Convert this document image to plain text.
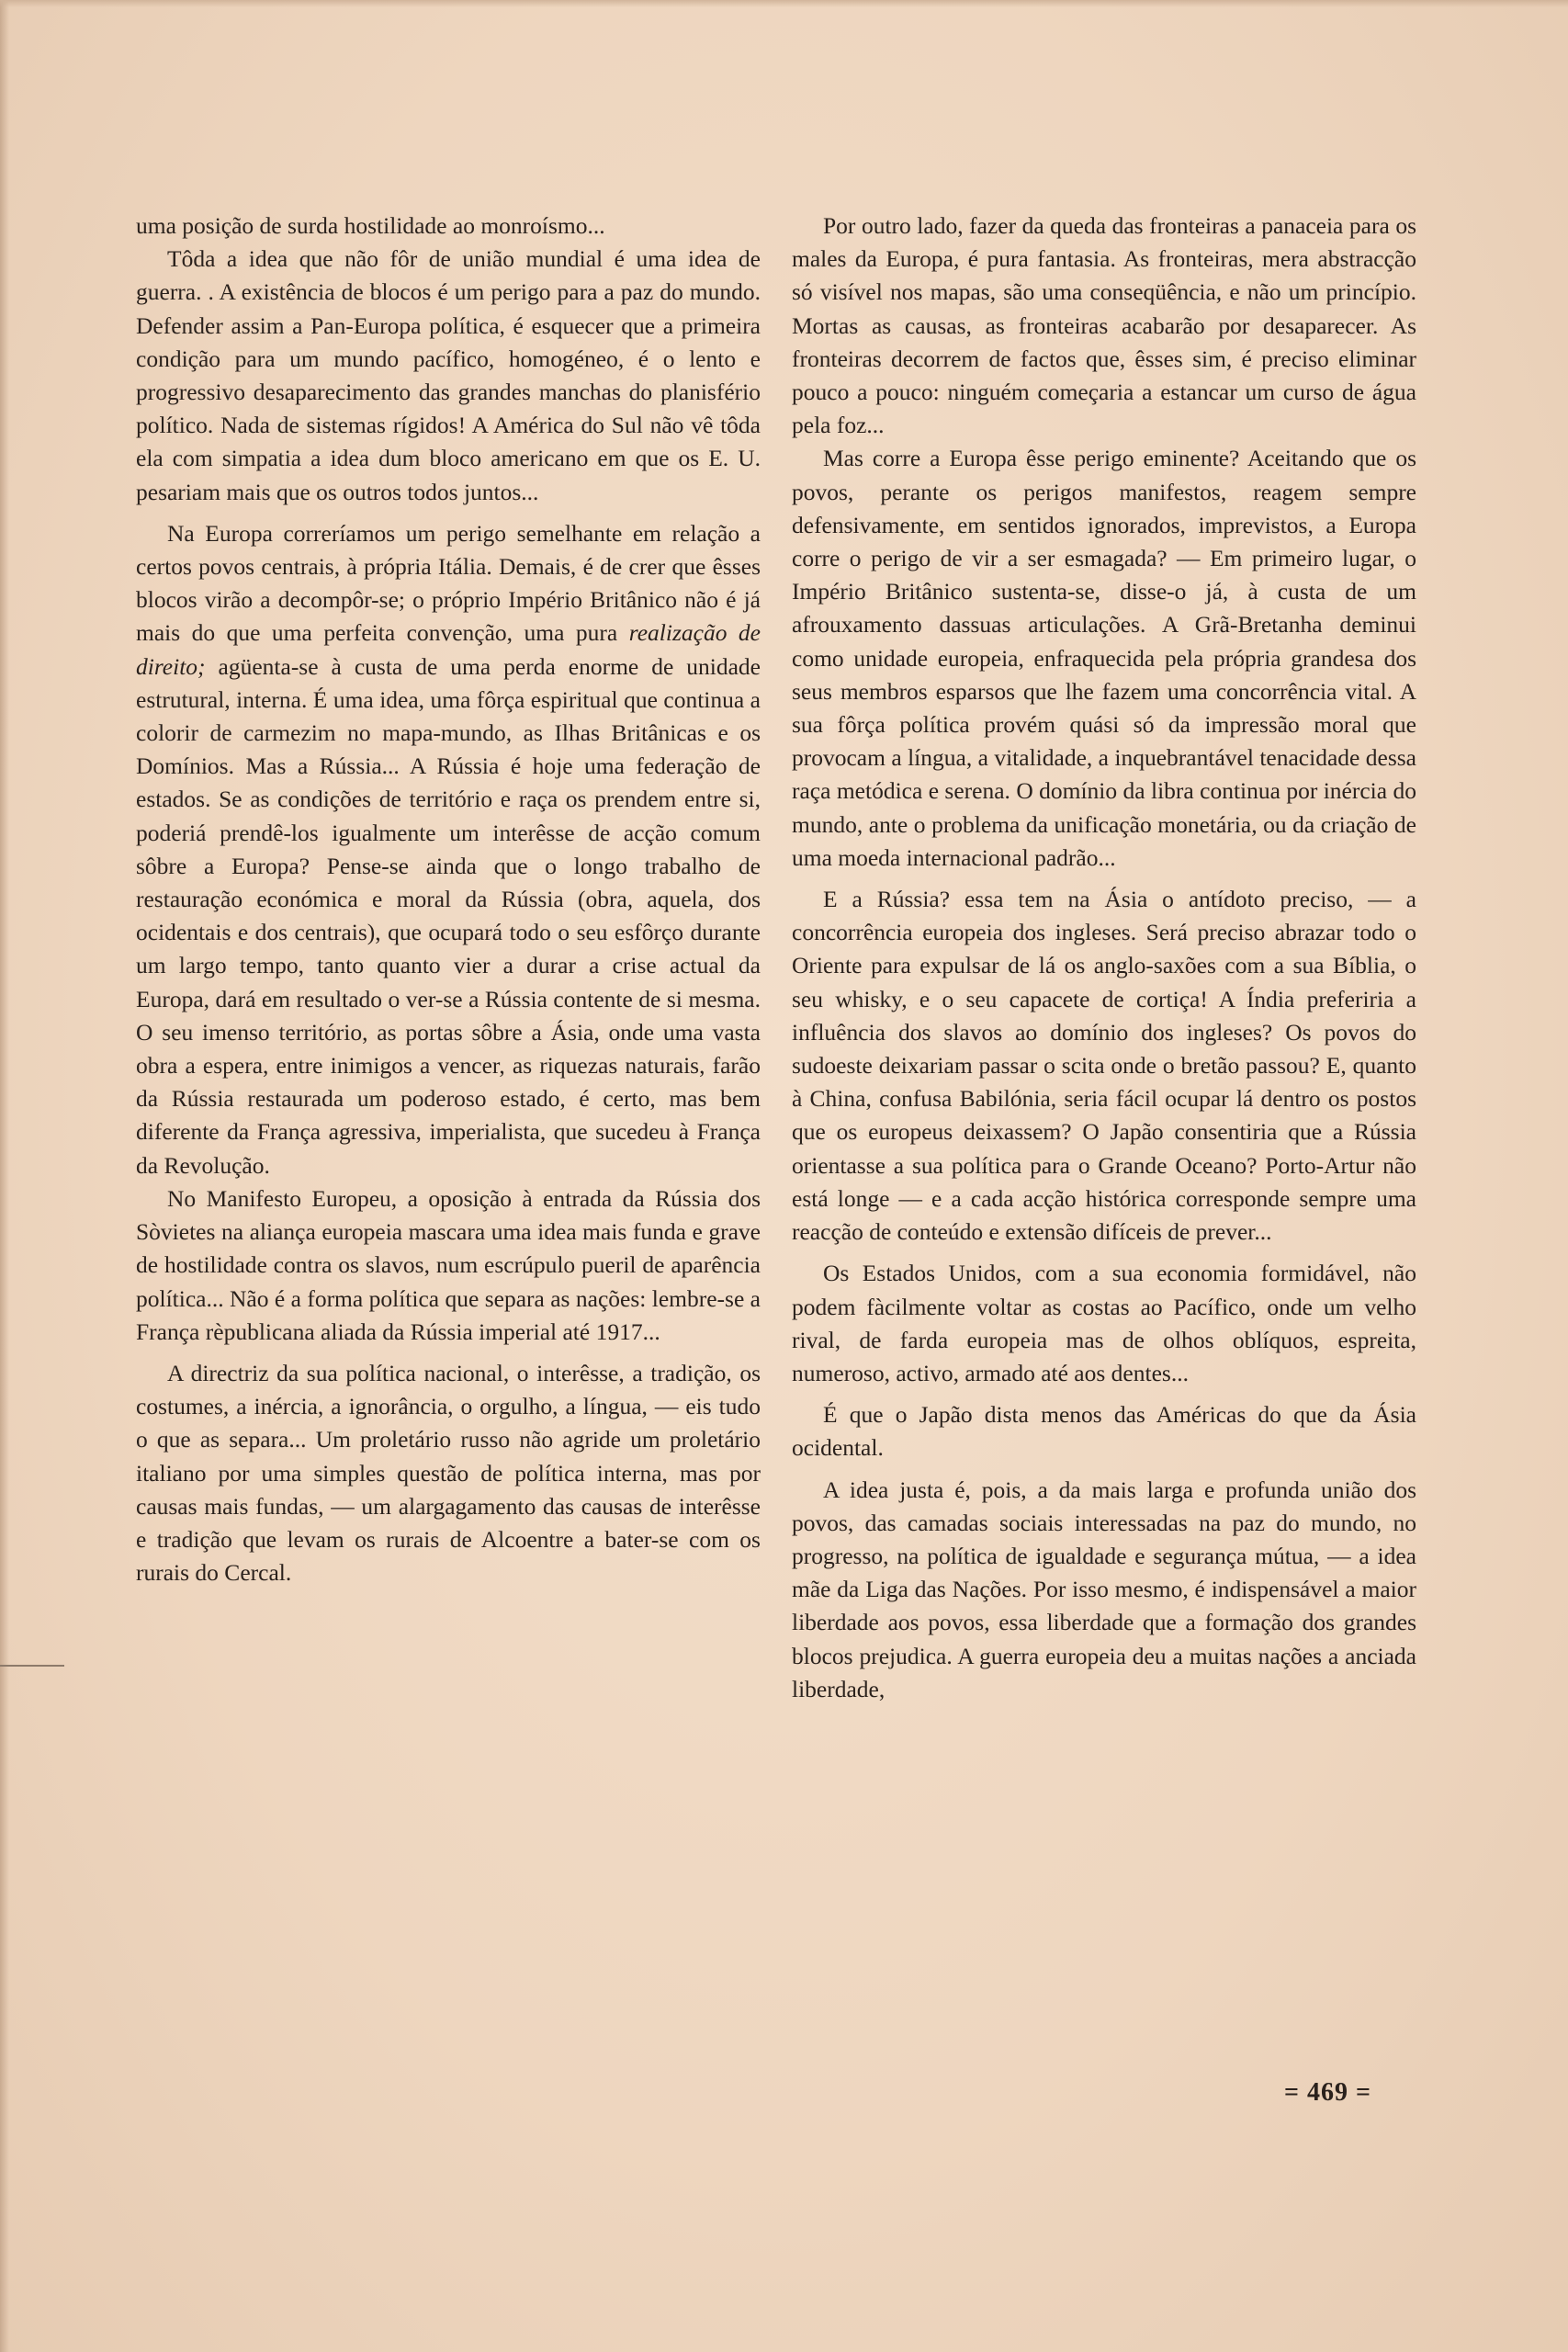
uma posição de surda hostilidade ao monroísmo...

Tôda a idea que não fôr de união mundial é uma idea de guerra. . A existência de blocos é um perigo para a paz do mundo. Defender assim a Pan-Europa política, é esquecer que a primeira condição para um mundo pacífico, homogéneo, é o lento e progressivo desaparecimento das grandes manchas do planisfério político. Nada de sistemas rígidos! A América do Sul não vê tôda ela com simpatia a idea dum bloco americano em que os E. U. pesariam mais que os outros todos juntos...

Na Europa correríamos um perigo semelhante em relação a certos povos centrais, à própria Itália. Demais, é de crer que êsses blocos virão a decompôr-se; o próprio Império Britânico não é já mais do que uma perfeita convenção, uma pura realização de direito; agüenta-se à custa de uma perda enorme de unidade estrutural, interna. É uma idea, uma fôrça espiritual que continua a colorir de carmezim no mapa-mundo, as Ilhas Britânicas e os Domínios. Mas a Rússia... A Rússia é hoje uma federação de estados. Se as condições de território e raça os prendem entre si, poderiá prendê-los igualmente um interêsse de acção comum sôbre a Europa? Pense-se ainda que o longo trabalho de restauração económica e moral da Rússia (obra, aquela, dos ocidentais e dos centrais), que ocupará todo o seu esfôrço durante um largo tempo, tanto quanto vier a durar a crise actual da Europa, dará em resultado o ver-se a Rússia contente de si mesma. O seu imenso território, as portas sôbre a Ásia, onde uma vasta obra a espera, entre inimigos a vencer, as riquezas naturais, farão da Rússia restaurada um poderoso estado, é certo, mas bem diferente da França agressiva, imperialista, que sucedeu à França da Revolução.

No Manifesto Europeu, a oposição à entrada da Rússia dos Sòvietes na aliança europeia mascara uma idea mais funda e grave de hostilidade contra os slavos, num escrúpulo pueril de aparência política... Não é a forma política que separa as nações: lembre-se a França rèpublicana aliada da Rússia imperial até 1917...

A directriz da sua política nacional, o interêsse, a tradição, os costumes, a inércia, a ignorância, o orgulho, a língua, — eis tudo o que as separa... Um proletário russo não agride um proletário italiano por uma simples questão de política interna, mas por causas mais fundas, — um alargagamento das causas de interêsse e tradição que levam os rurais de Alcoentre a bater-se com os rurais do Cercal.

Por outro lado, fazer da queda das fronteiras a panaceia para os males da Europa, é pura fantasia. As fronteiras, mera abstracção só visível nos mapas, são uma conseqüência, e não um princípio. Mortas as causas, as fronteiras acabarão por desaparecer. As fronteiras decorrem de factos que, êsses sim, é preciso eliminar pouco a pouco: ninguém começaria a estancar um curso de água pela foz...

Mas corre a Europa êsse perigo eminente? Aceitando que os povos, perante os perigos manifestos, reagem sempre defensivamente, em sentidos ignorados, imprevistos, a Europa corre o perigo de vir a ser esmagada? — Em primeiro lugar, o Império Britânico sustenta-se, disse-o já, à custa de um afrouxamento dassuas articulações. A Grã-Bretanha deminui como unidade europeia, enfraquecida pela própria grandesa dos seus membros esparsos que lhe fazem uma concorrência vital. A sua fôrça política provém quási só da impressão moral que provocam a língua, a vitalidade, a inquebrantável tenacidade dessa raça metódica e serena. O domínio da libra continua por inércia do mundo, ante o problema da unificação monetária, ou da criação de uma moeda internacional padrão...

E a Rússia? essa tem na Ásia o antídoto preciso, — a concorrência europeia dos ingleses. Será preciso abrazar todo o Oriente para expulsar de lá os anglo-saxões com a sua Bíblia, o seu whisky, e o seu capacete de cortiça! A Índia preferiria a influência dos slavos ao domínio dos ingleses? Os povos do sudoeste deixariam passar o scita onde o bretão passou? E, quanto à China, confusa Babilónia, seria fácil ocupar lá dentro os postos que os europeus deixassem? O Japão consentiria que a Rússia orientasse a sua política para o Grande Oceano? Porto-Artur não está longe — e a cada acção histórica corresponde sempre uma reacção de conteúdo e extensão difíceis de prever...

Os Estados Unidos, com a sua economia formidável, não podem fàcilmente voltar as costas ao Pacífico, onde um velho rival, de farda europeia mas de olhos oblíquos, espreita, numeroso, activo, armado até aos dentes...

É que o Japão dista menos das Américas do que da Ásia ocidental.

A idea justa é, pois, a da mais larga e profunda união dos povos, das camadas sociais interessadas na paz do mundo, no progresso, na política de igualdade e segurança mútua, — a idea mãe da Liga das Nações. Por isso mesmo, é indispensável a maior liberdade aos povos, essa liberdade que a formação dos grandes blocos prejudica. A guerra europeia deu a muitas nações a anciada liberdade,

= 469 =
